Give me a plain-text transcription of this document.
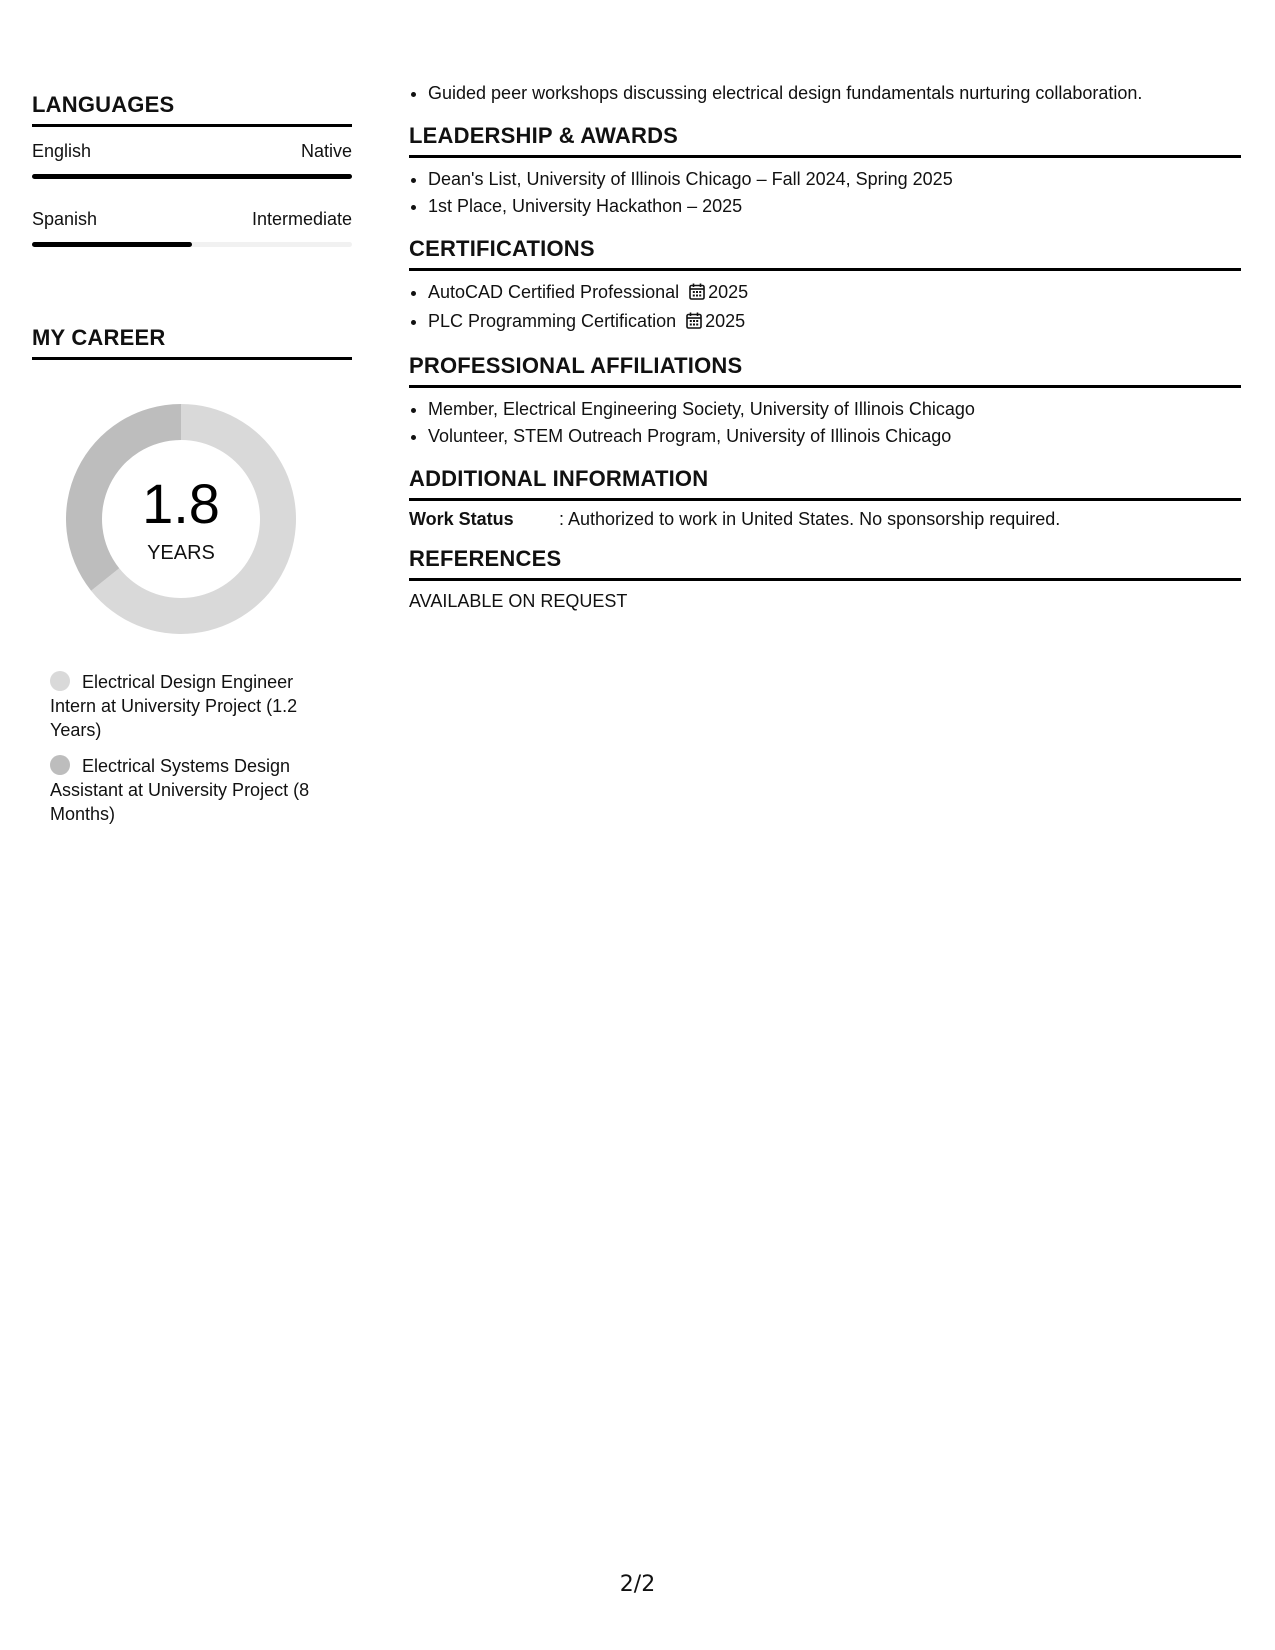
LANGUAGES
English	Native
Spanish	Intermediate
MY CAREER
1.8
YEARS
Electrical Design Engineer Intern at University Project (1.2 Years)
Electrical Systems Design Assistant at University Project (8 Months)
• Guided peer workshops discussing electrical design fundamentals nurturing collaboration.
LEADERSHIP & AWARDS
• Dean's List, University of Illinois Chicago – Fall 2024, Spring 2025
• 1st Place, University Hackathon – 2025
CERTIFICATIONS
• AutoCAD Certified Professional 2025
• PLC Programming Certification 2025
PROFESSIONAL AFFILIATIONS
• Member, Electrical Engineering Society, University of Illinois Chicago
• Volunteer, STEM Outreach Program, University of Illinois Chicago
ADDITIONAL INFORMATION
Work Status	: Authorized to work in United States. No sponsorship required.
REFERENCES
AVAILABLE ON REQUEST
2/2
